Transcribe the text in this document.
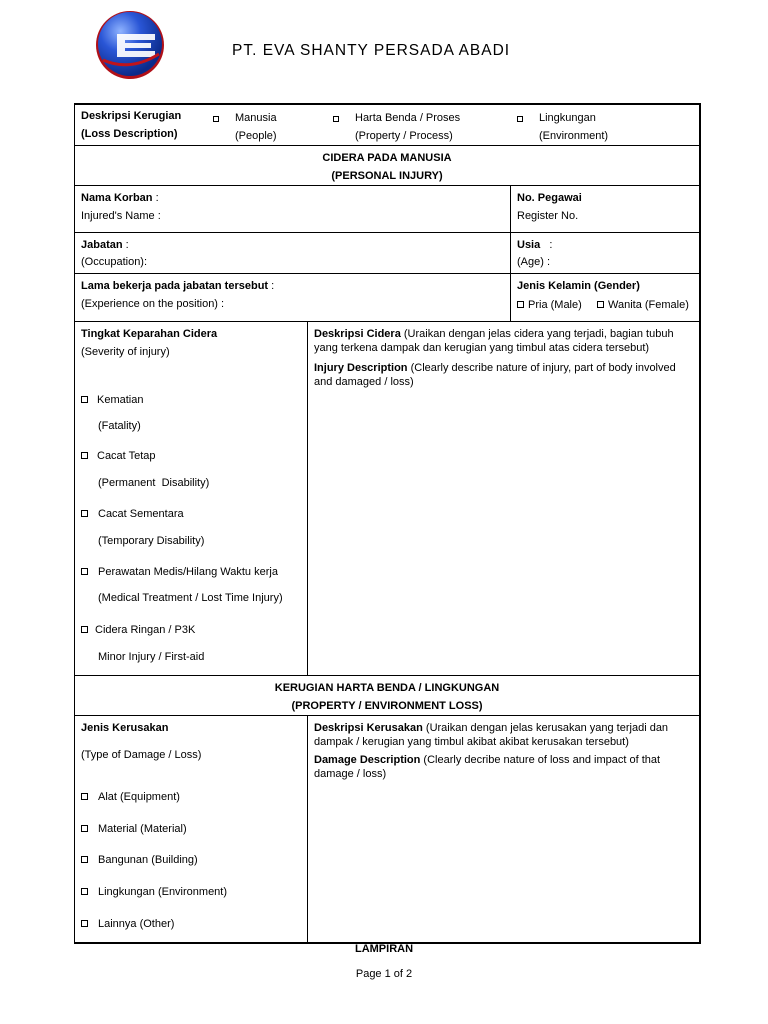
PT. EVA SHANTY PERSADA ABADI
Deskripsi Kerugian
(Loss Description)
Manusia
(People)
Harta Benda / Proses
(Property / Process)
Lingkungan
(Environment)
CIDERA PADA MANUSIA
(PERSONAL INJURY)
Nama Korban :
Injured's Name :
No. Pegawai
Register No.
Jabatan :
(Occupation):
Usia   :
(Age) :
Lama bekerja pada jabatan tersebut :
(Experience on the position) :
Jenis Kelamin (Gender)
Pria (Male)	Wanita (Female)
Tingkat Keparahan Cidera
(Severity of injury)
Kematian
(Fatality)
Cacat Tetap
(Permanent  Disability)
Cacat Sementara
(Temporary Disability)
Perawatan Medis/Hilang Waktu kerja
(Medical Treatment / Lost Time Injury)
Cidera Ringan / P3K
Minor Injury / First-aid
Deskripsi Cidera (Uraikan dengan jelas cidera yang terjadi, bagian tubuh yang terkena dampak dan kerugian yang timbul atas cidera tersebut)
Injury Description (Clearly describe nature of injury, part of body involved and damaged / loss)
KERUGIAN HARTA BENDA / LINGKUNGAN
(PROPERTY / ENVIRONMENT LOSS)
Jenis Kerusakan
(Type of Damage / Loss)
Alat (Equipment)
Material (Material)
Bangunan (Building)
Lingkungan (Environment)
Lainnya (Other)
Deskripsi Kerusakan (Uraikan dengan jelas kerusakan yang terjadi dan dampak / kerugian yang timbul akibat akibat kerusakan tersebut)
Damage Description (Clearly decribe nature of loss and impact of that damage / loss)
LAMPIRAN
Page 1 of 2
